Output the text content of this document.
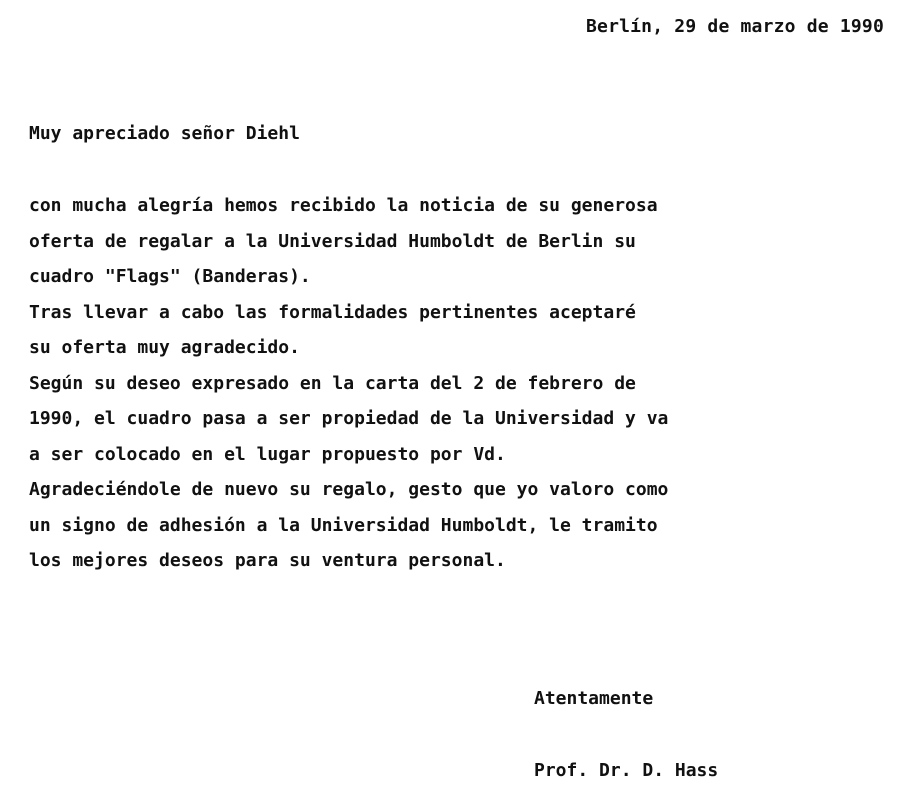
Berlín, 29 de marzo de 1990
Muy apreciado señor Diehl
con mucha alegría hemos recibido la noticia de su generosa
oferta de regalar a la Universidad Humboldt de Berlin su
cuadro "Flags" (Banderas).
Tras llevar a cabo las formalidades pertinentes aceptaré
su oferta muy agradecido.
Según su deseo expresado en la carta del 2 de febrero de
1990, el cuadro pasa a ser propiedad de la Universidad y va
a ser colocado en el lugar propuesto por Vd.
Agradeciéndole de nuevo su regalo, gesto que yo valoro como
un signo de adhesión a la Universidad Humboldt, le tramito
los mejores deseos para su ventura personal.
Atentamente
Prof. Dr. D. Hass
